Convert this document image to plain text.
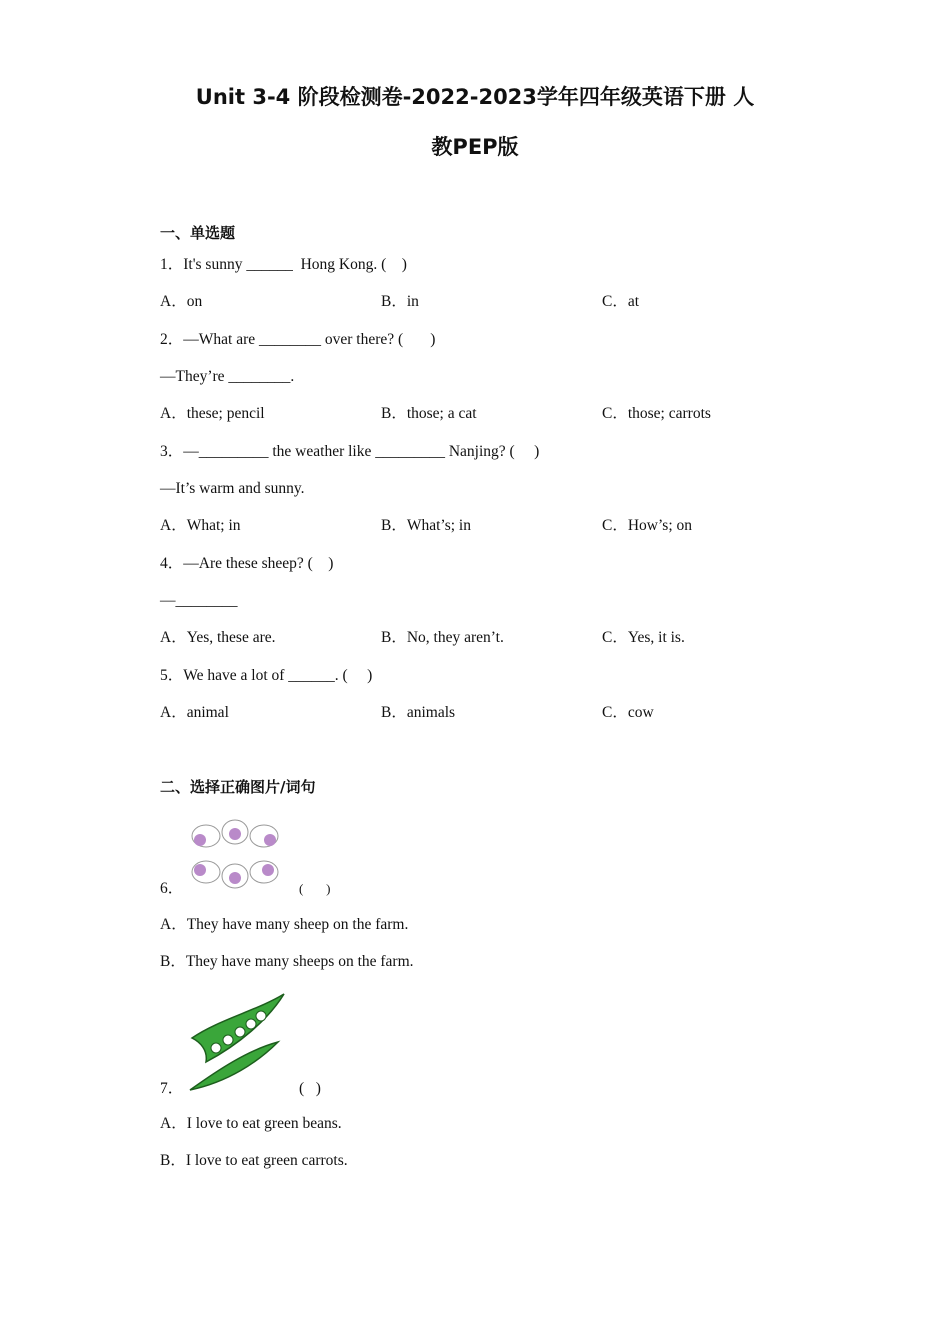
Unit 3-4 阶段检测卷-2022-2023学年四年级英语下册 人
教PEP版
一、单选题
1．It's sunny ______  Hong Kong. (    )
A．on	B．in	C．at
2．—What are ________ over there? (       )
—They’re ________.
A．these; pencil	B．those; a cat	C．those; carrots
3．—_________ the weather like _________ Nanjing? (     )
—It’s warm and sunny.
A．What; in	B．What’s; in	C．How’s; on
4．—Are these sheep? (    )
—________
A．Yes, these are.	B．No, they aren’t.	C．Yes, it is.
5．We have a lot of ______. (     )
A．animal	B．animals	C．cow
二、选择正确图片/词句
6．	(       )
A．They have many sheep on the farm.
B．They have many sheeps on the farm.
7．	(   )
A．I love to eat green beans.
B．I love to eat green carrots.
